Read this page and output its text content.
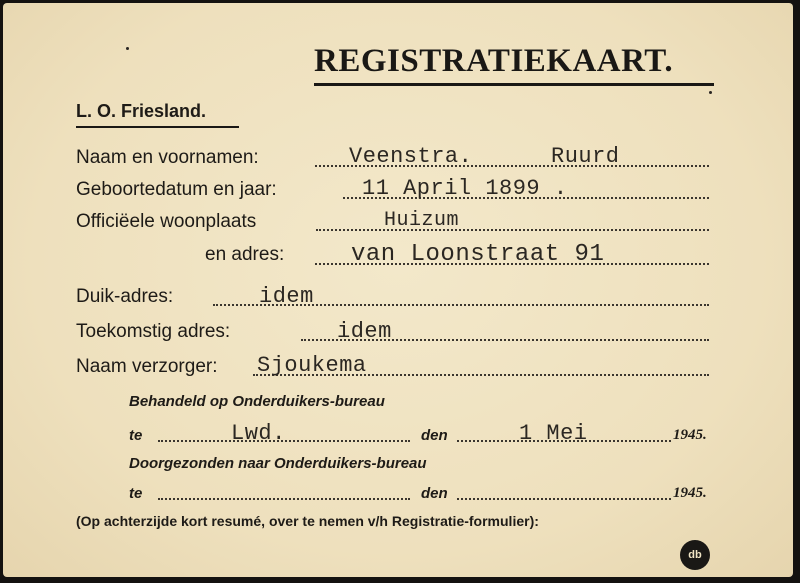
REGISTRATIEKAART.
L. O. Friesland.
Naam en voornamen:	Veenstra.	Ruurd
Geboortedatum en jaar:	11 April 1899 .
Officiëele woonplaats	Huizum
en adres:	van Loonstraat 91
Duik-adres:	idem
Toekomstig adres:	idem
Naam verzorger: Sjoukema
Behandeld op Onderduikers-bureau
te	Lwd.	den	1 Mei	1945.
Doorgezonden naar Onderduikers-bureau
te	den	1945.
(Op achterzijde kort resumé, over te nemen v/h Registratie-formulier):
db
